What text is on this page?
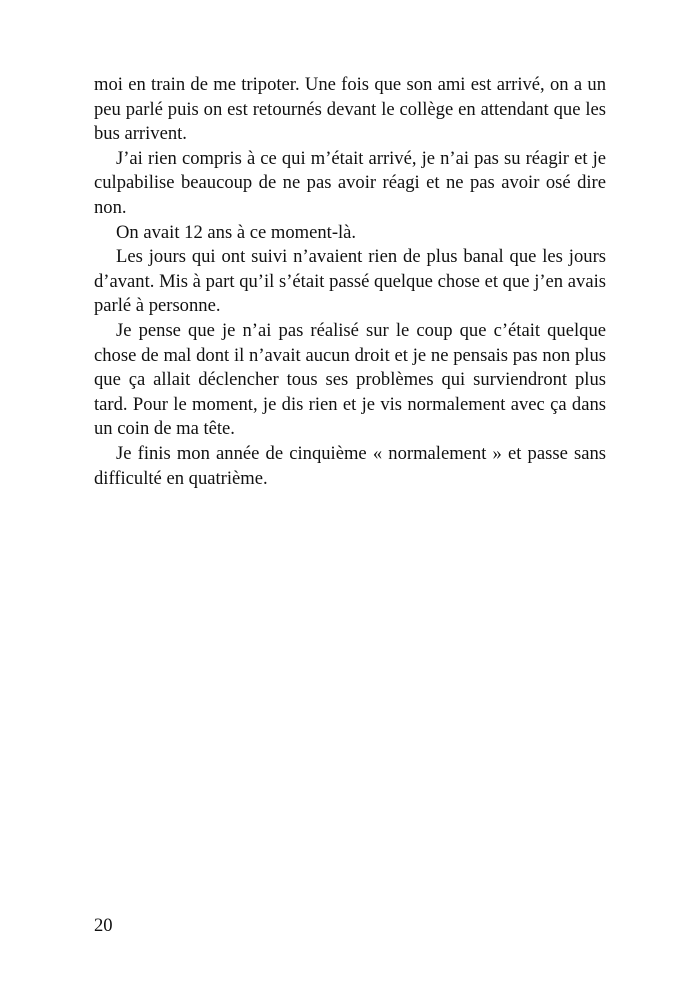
moi en train de me tripoter. Une fois que son ami est arrivé, on a un peu parlé puis on est retournés devant le collège en attendant que les bus arrivent.

J’ai rien compris à ce qui m’était arrivé, je n’ai pas su réagir et je culpabilise beaucoup de ne pas avoir réagi et ne pas avoir osé dire non.

On avait 12 ans à ce moment-là.

Les jours qui ont suivi n’avaient rien de plus banal que les jours d’avant. Mis à part qu’il s’était passé quelque chose et que j’en avais parlé à personne.

Je pense que je n’ai pas réalisé sur le coup que c’était quelque chose de mal dont il n’avait aucun droit et je ne pensais pas non plus que ça allait déclencher tous ses problèmes qui surviendront plus tard. Pour le moment, je dis rien et je vis normalement avec ça dans un coin de ma tête.

Je finis mon année de cinquième « normalement » et passe sans difficulté en quatrième.

20
